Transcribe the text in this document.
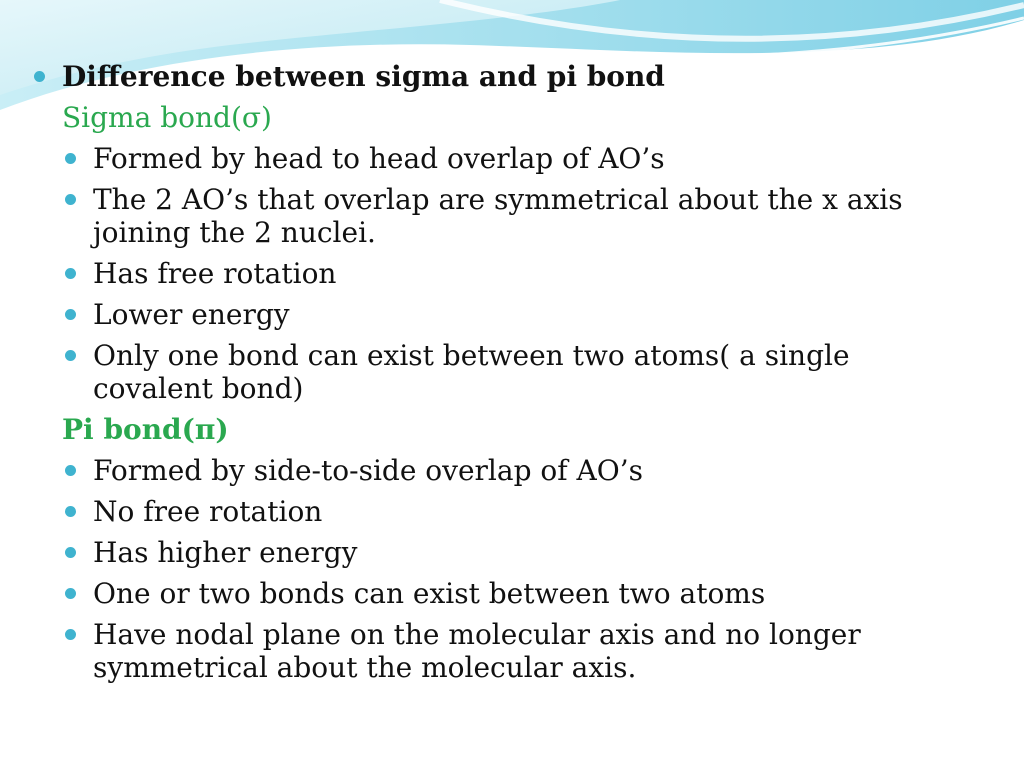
Difference between sigma and pi bond
Sigma bond(σ)
Formed by head to head overlap of AO’s
The 2 AO’s that overlap are symmetrical about the x axis joining the 2 nuclei.
Has free rotation
Lower energy
Only one bond can exist between two atoms( a single covalent bond)
Pi bond(π)
Formed by side-to-side overlap of AO’s
No free rotation
Has higher energy
One or two bonds can exist between two atoms
Have nodal plane on the molecular axis and no longer symmetrical about the molecular axis.
